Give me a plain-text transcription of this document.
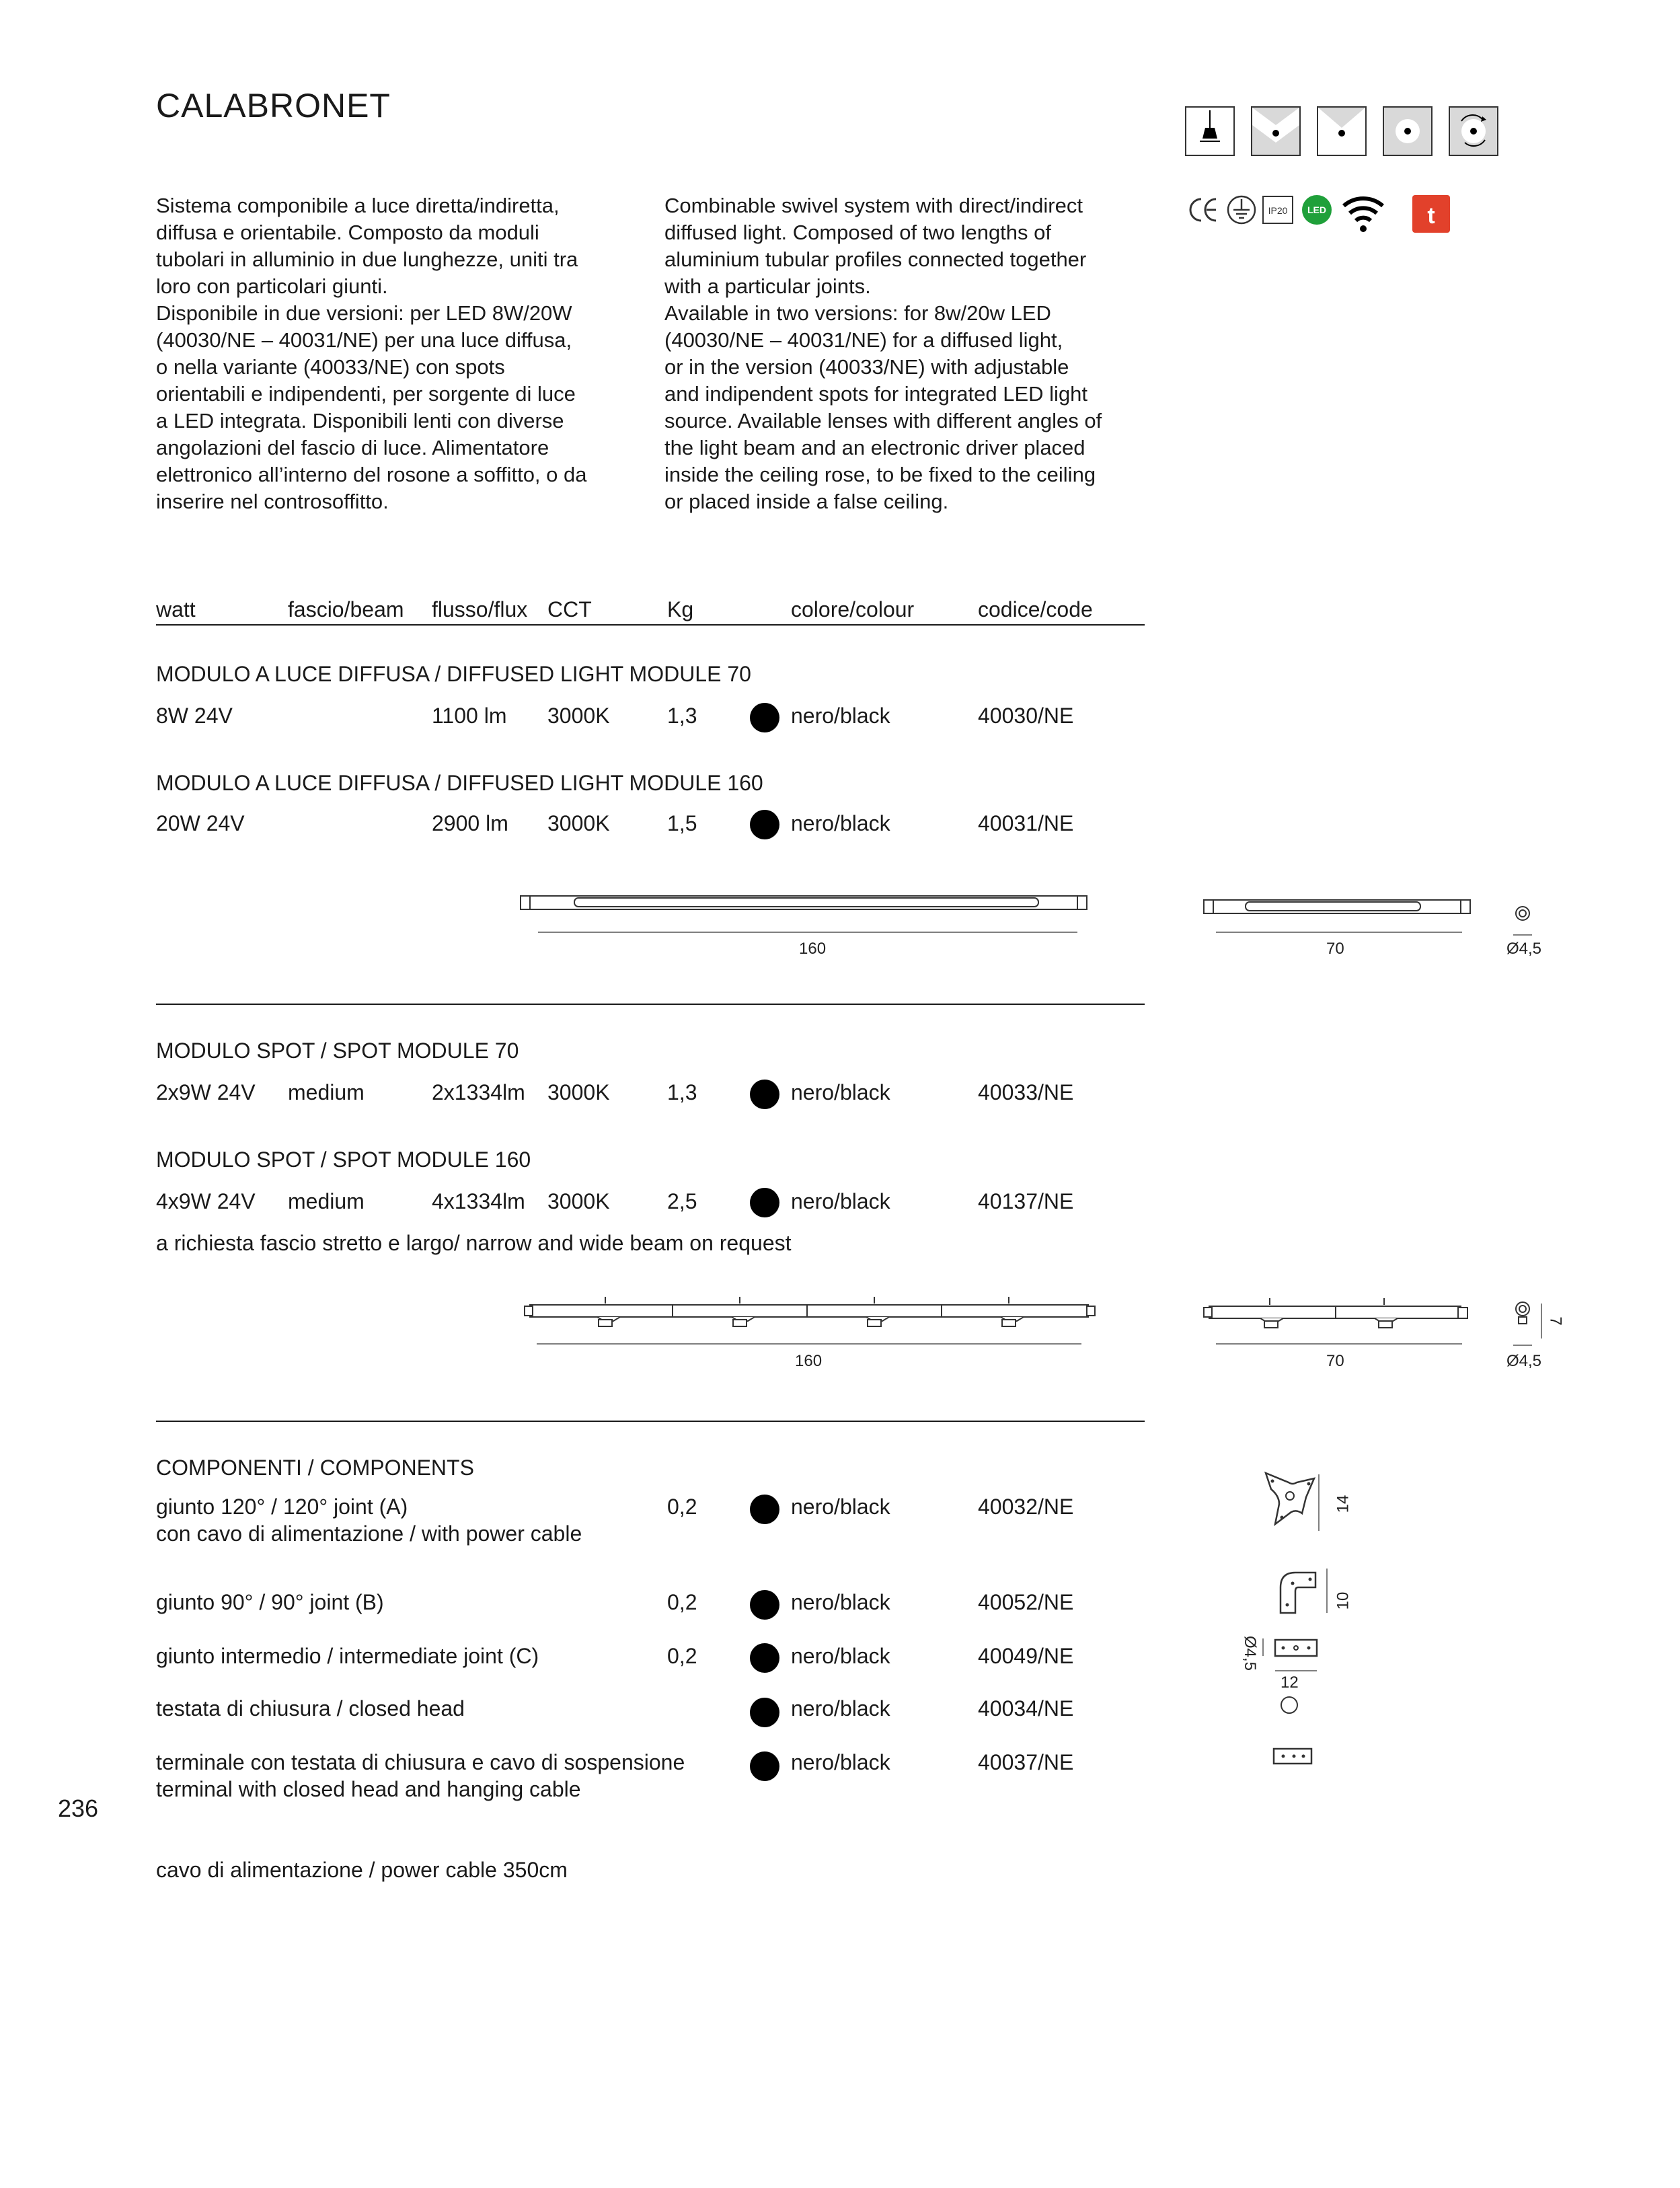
CALABRONET
IP20 LED	t
Sistema componibile a luce diretta/indiretta,
diffusa e orientabile. Composto da moduli
tubolari in alluminio in due lunghezze, uniti tra
loro con particolari giunti.
Disponibile in due versioni: per LED 8W/20W
(40030/NE – 40031/NE) per una luce diffusa,
o nella variante (40033/NE) con spots
orientabili e indipendenti, per sorgente di luce
a LED integrata. Disponibili lenti con diverse
angolazioni del fascio di luce. Alimentatore
elettronico all’interno del rosone a soffitto, o da
inserire nel controsoffitto.
Combinable swivel system with direct/indirect
diffused light. Composed of two lengths of
aluminium tubular profiles connected together
with a particular joints.
Available in two versions: for 8w/20w LED
(40030/NE – 40031/NE) for a diffused light,
or in the version (40033/NE) with adjustable
and indipendent spots for integrated LED light
source. Available lenses with different angles of
the light beam and an electronic driver placed
inside the ceiling rose, to be fixed to the ceiling
or placed inside a false ceiling.
watt	fascio/beam flusso/flux CCT	Kg	colore/colour	codice/code
MODULO A LUCE DIFFUSA / DIFFUSED LIGHT MODULE 70
8W 24V	1100 lm 3000K	1,3	nero/black	40030/NE
MODULO A LUCE DIFFUSA / DIFFUSED LIGHT MODULE 160
20W 24V	2900 lm 3000K	1,5	nero/black	40031/NE
160	70	Ø4,5
MODULO SPOT / SPOT MODULE 70
2x9W 24V medium	2x1334lm 3000K	1,3	nero/black	40033/NE
MODULO SPOT / SPOT MODULE 160
4x9W 24V medium	4x1334lm 3000K	2,5	nero/black	40137/NE
a richiesta fascio stretto e largo/ narrow and wide beam on request
160	70
7
Ø4,5
COMPONENTI / COMPONENTS
giunto 120° / 120° joint (A)
con cavo di alimentazione / with power cable
0,2	nero/black	40032/NE
giunto 90° / 90° joint (B)	0,2	nero/black	40052/NE
giunto intermedio / intermediate joint (C)	0,2	nero/black	40049/NE
testata di chiusura / closed head	nero/black	40034/NE
terminale con testata di chiusura e cavo di sospensione
terminal with closed head and hanging cable
nero/black	40037/NE
14
10
Ø4,5
12
cavo di alimentazione / power cable 350cm
236
